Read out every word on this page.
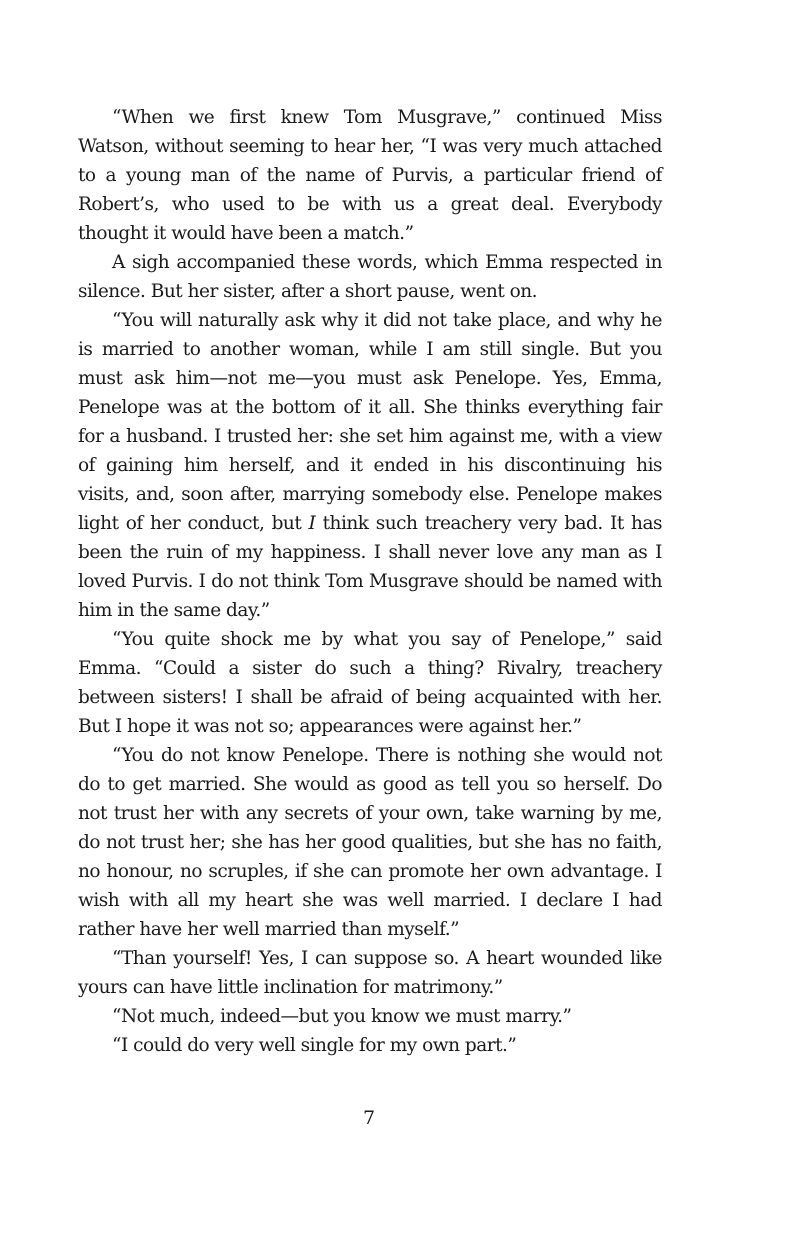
“When we first knew Tom Musgrave,” continued Miss Watson, without seeming to hear her, “I was very much attached to a young man of the name of Purvis, a particular friend of Robert’s, who used to be with us a great deal. Everybody thought it would have been a match.”

A sigh accompanied these words, which Emma respected in silence. But her sister, after a short pause, went on.

“You will naturally ask why it did not take place, and why he is married to another woman, while I am still single. But you must ask him—not me—you must ask Penelope. Yes, Emma, Penelope was at the bottom of it all. She thinks everything fair for a husband. I trusted her: she set him against me, with a view of gaining him herself, and it ended in his discontinuing his visits, and, soon after, marrying somebody else. Penelope makes light of her conduct, but I think such treachery very bad. It has been the ruin of my happiness. I shall never love any man as I loved Purvis. I do not think Tom Musgrave should be named with him in the same day.”

“You quite shock me by what you say of Penelope,” said Emma. “Could a sister do such a thing? Rivalry, treachery between sisters! I shall be afraid of being acquainted with her. But I hope it was not so; appearances were against her.”

“You do not know Penelope. There is nothing she would not do to get married. She would as good as tell you so herself. Do not trust her with any secrets of your own, take warning by me, do not trust her; she has her good qualities, but she has no faith, no honour, no scruples, if she can promote her own advantage. I wish with all my heart she was well married. I declare I had rather have her well married than myself.”

“Than yourself! Yes, I can suppose so. A heart wounded like yours can have little inclination for matrimony.”

“Not much, indeed—but you know we must marry.”

“I could do very well single for my own part.”

7
